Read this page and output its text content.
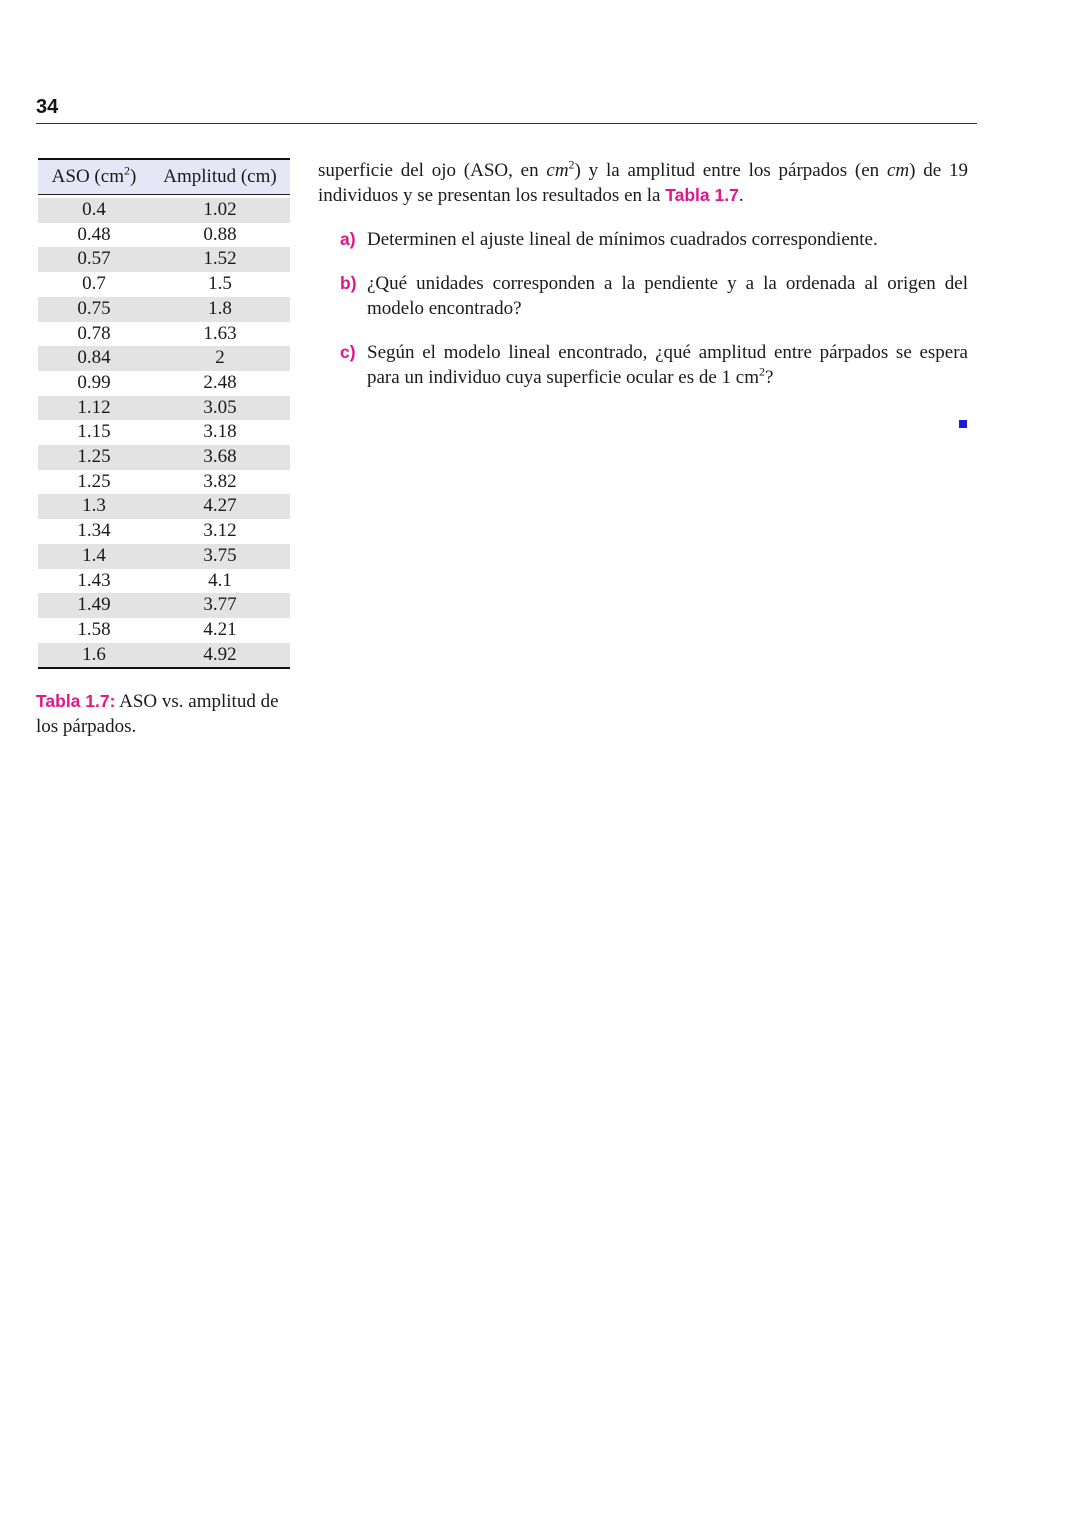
34
ASO $(cm^2)$	Amplitud (cm)

0.4	1.02
0.48	0.88
0.57	1.52
0.7	1.5
0.75	1.8
0.78	1.63
0.84	2
0.99	2.48
1.12	3.05
1.15	3.18
1.25	3.68
1.25	3.82
1.3	4.27
1.34	3.12
1.4	3.75
1.43	4.1
1.49	3.77
1.58	4.21
1.6	4.92
Tabla 1.7: ASO vs. amplitud de los párpados.

superficie del ojo (ASO, en $cm^2$) y la amplitud entre los párpados (en cm) de 19 individuos y se presentan los resultados en la Tabla 1.7.

a) Determinen el ajuste lineal de mínimos cuadrados correspondiente.
b) ¿Qué unidades corresponden a la pendiente y a la ordenada al origen del modelo encontrado?
c) Según el modelo lineal encontrado, ¿qué amplitud entre párpados se espera para un individuo cuya superficie ocular es de 1 $cm^2$?
